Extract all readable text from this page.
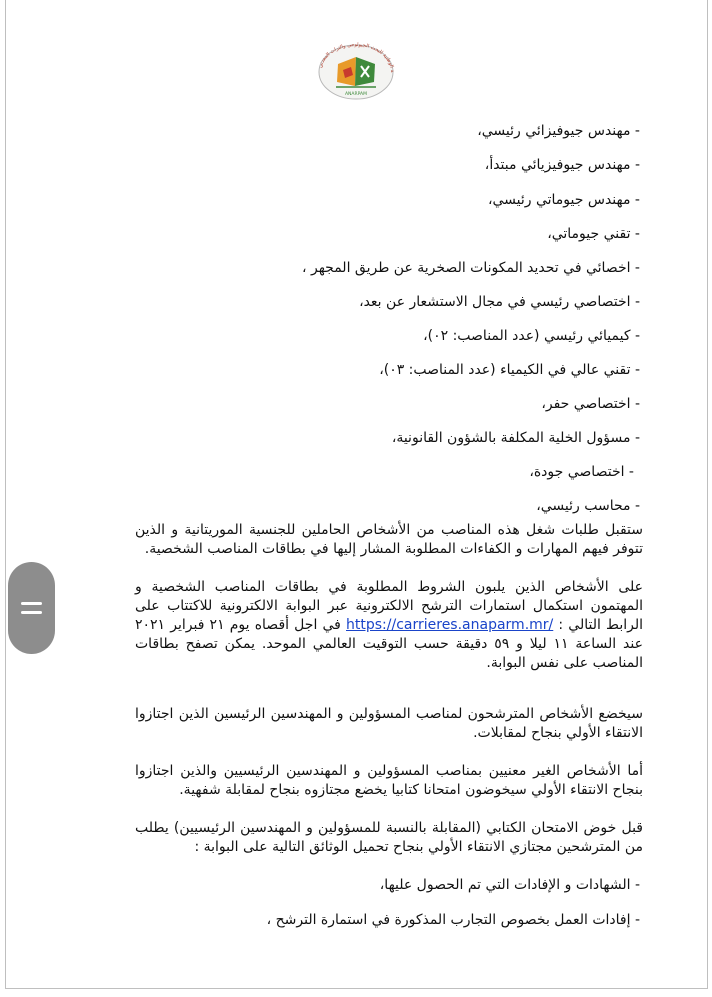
ة الوطنية للبحث الجيولوجي والتراث المعدني
ANARPAM
- مهندس جيوفيزائي رئيسي،
- مهندس جيوفيزيائي مبتدأ،
- مهندس جيوماتي رئيسي،
- تقني جيوماتي،
- اخصائي في تحديد المكونات الصخرية عن طريق المجهر ،
- اختصاصي رئيسي في مجال الاستشعار عن بعد،
- كيميائي رئيسي (عدد المناصب: ٠٢)،
- تقني عالي في الكيمياء (عدد المناصب: ٠٣)،
- اختصاصي حفر،
- مسؤول الخلية المكلفة بالشؤون القانونية،
- اختصاصي جودة،
- محاسب رئيسي،
ستقبل طلبات شغل هذه المناصب من الأشخاص الحاملين للجنسية الموريتانية و الذين تتوفر فيهم المهارات و الكفاءات المطلوبة المشار إليها في بطاقات المناصب الشخصية.
على الأشخاص الذين يلبون الشروط المطلوبة في بطاقات المناصب الشخصية و المهتمون استكمال استمارات الترشح الالكترونية عبر البوابة الالكترونية للاكتتاب على الرابط التالي : https://carrieres.anaparm.mr/ في اجل أقصاه يوم ٢١ فبراير ٢٠٢١ عند الساعة ١١ ليلا و ٥٩ دقيقة حسب التوقيت العالمي الموحد. يمكن تصفح بطاقات المناصب على نفس البوابة.
سيخضع الأشخاص المترشحون لمناصب المسؤولين و المهندسين الرئيسين الذين اجتازوا الانتقاء الأولي بنجاح لمقابلات.
أما الأشخاص الغير معنيين بمناصب المسؤولين و المهندسين الرئيسيين والذين اجتازوا بنجاح الانتقاء الأولي سيخوضون امتحانا كتابيا يخضع مجتازوه بنجاح لمقابلة شفهية.
قبل خوض الامتحان الكتابي (المقابلة بالنسبة للمسؤولين و المهندسين الرئيسيين) يطلب من المترشحين مجتازي الانتقاء الأولي بنجاح تحميل الوثائق التالية على البوابة :
- الشهادات و الإفادات التي تم الحصول عليها،
- إفادات العمل بخصوص التجارب المذكورة في استمارة الترشح ،
